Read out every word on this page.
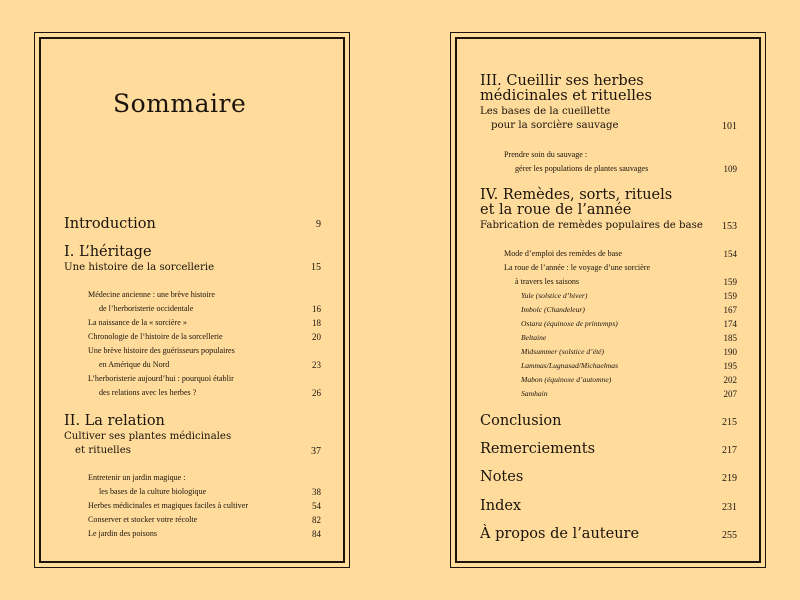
Sommaire
Introduction	9
I. L’héritage
Une histoire de la sorcellerie	15
Médecine ancienne : une brève histoire
de l’herboristerie occidentale	16
La naissance de la « sorcière »	18
Chronologie de l’histoire de la sorcellerie	20
Une brève histoire des guérisseurs populaires
en Amérique du Nord	23
L’herboristerie aujourd’hui : pourquoi établir
des relations avec les herbes ?	26
II. La relation
Cultiver ses plantes médicinales
et rituelles	37
Entretenir un jardin magique :
les bases de la culture biologique	38
Herbes médicinales et magiques faciles à cultiver	54
Conserver et stocker votre récolte	82
Le jardin des poisons	84
III. Cueillir ses herbes
médicinales et rituelles
Les bases de la cueillette
pour la sorcière sauvage	101
Prendre soin du sauvage :
gérer les populations de plantes sauvages	109
IV. Remèdes, sorts, rituels
et la roue de l’année
Fabrication de remèdes populaires de base 153
Mode d’emploi des remèdes de base	154
La roue de l’année : le voyage d’une sorcière
à travers les saisons	159
Yule (solstice d’hiver)	159
Imbolc (Chandeleur)	167
Ostara (équinoxe de printemps)	174
Beltaine	185
Midsummer (solstice d’été)	190
Lammas/Lugnasad/Michaelmas	195
Mabon (équinoxe d’automne)	202
Samhain	207
Conclusion	215
Remerciements	217
Notes	219
Index	231
À propos de l’auteure	255
